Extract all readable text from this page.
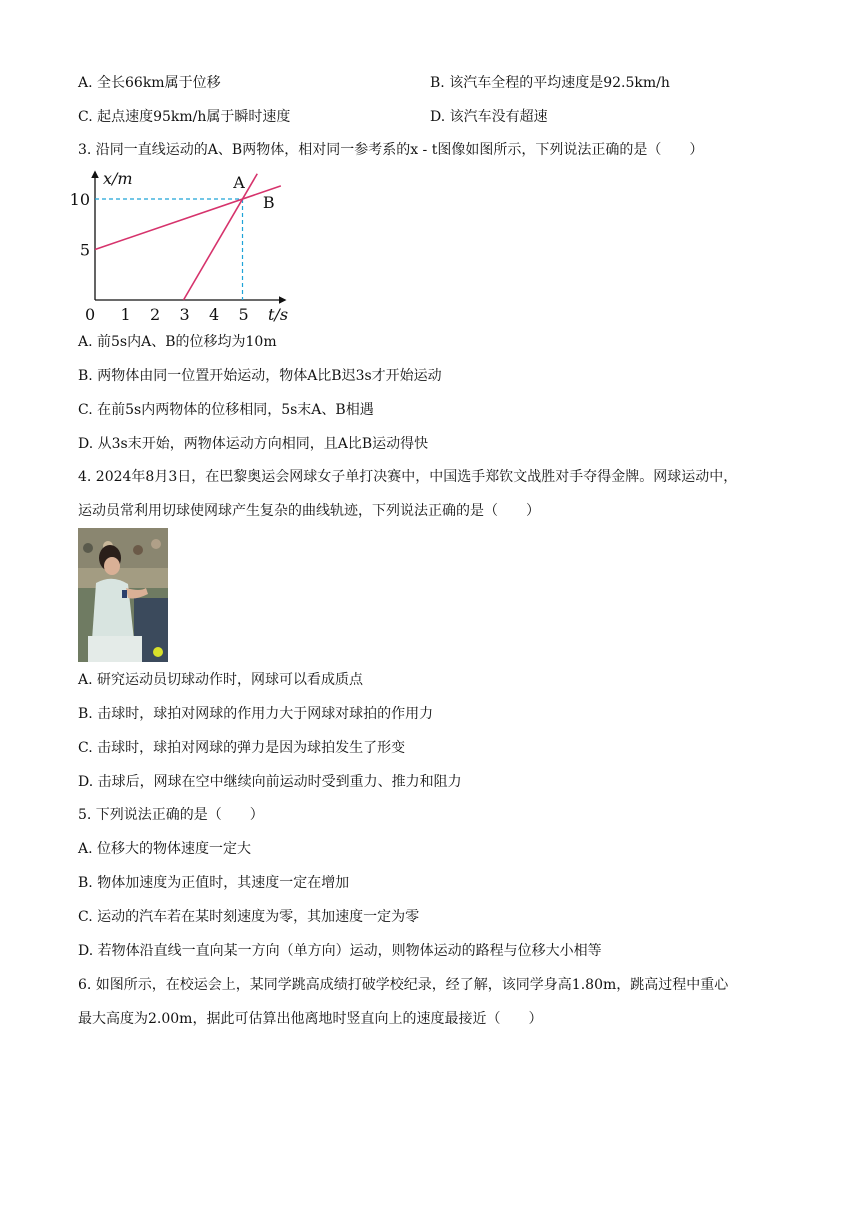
A. 全长66km属于位移	B. 该汽车全程的平均速度是92.5km/h
C. 起点速度95km/h属于瞬时速度	D. 该汽车没有超速
3. 沿同一直线运动的A、B两物体，相对同一参考系的x - t图像如图所示，下列说法正确的是（　　）
A
B
0 1 2 3 4 5
5
10
x/m
t/s
A. 前5s内A、B的位移均为10m
B. 两物体由同一位置开始运动，物体A比B迟3s才开始运动
C. 在前5s内两物体的位移相同，5s末A、B相遇
D. 从3s末开始，两物体运动方向相同，且A比B运动得快
4. 2024年8月3日，在巴黎奥运会网球女子单打决赛中，中国选手郑钦文战胜对手夺得金牌。网球运动中，
运动员常利用切球使网球产生复杂的曲线轨迹，下列说法正确的是（　　）
A. 研究运动员切球动作时，网球可以看成质点
B. 击球时，球拍对网球的作用力大于网球对球拍的作用力
C. 击球时，球拍对网球的弹力是因为球拍发生了形变
D. 击球后，网球在空中继续向前运动时受到重力、推力和阻力
5. 下列说法正确的是（　　）
A. 位移大的物体速度一定大
B. 物体加速度为正值时，其速度一定在增加
C. 运动的汽车若在某时刻速度为零，其加速度一定为零
D. 若物体沿直线一直向某一方向（单方向）运动，则物体运动的路程与位移大小相等
6. 如图所示，在校运会上，某同学跳高成绩打破学校纪录，经了解，该同学身高1.80m，跳高过程中重心
最大高度为2.00m，据此可估算出他离地时竖直向上的速度最接近（　　）
